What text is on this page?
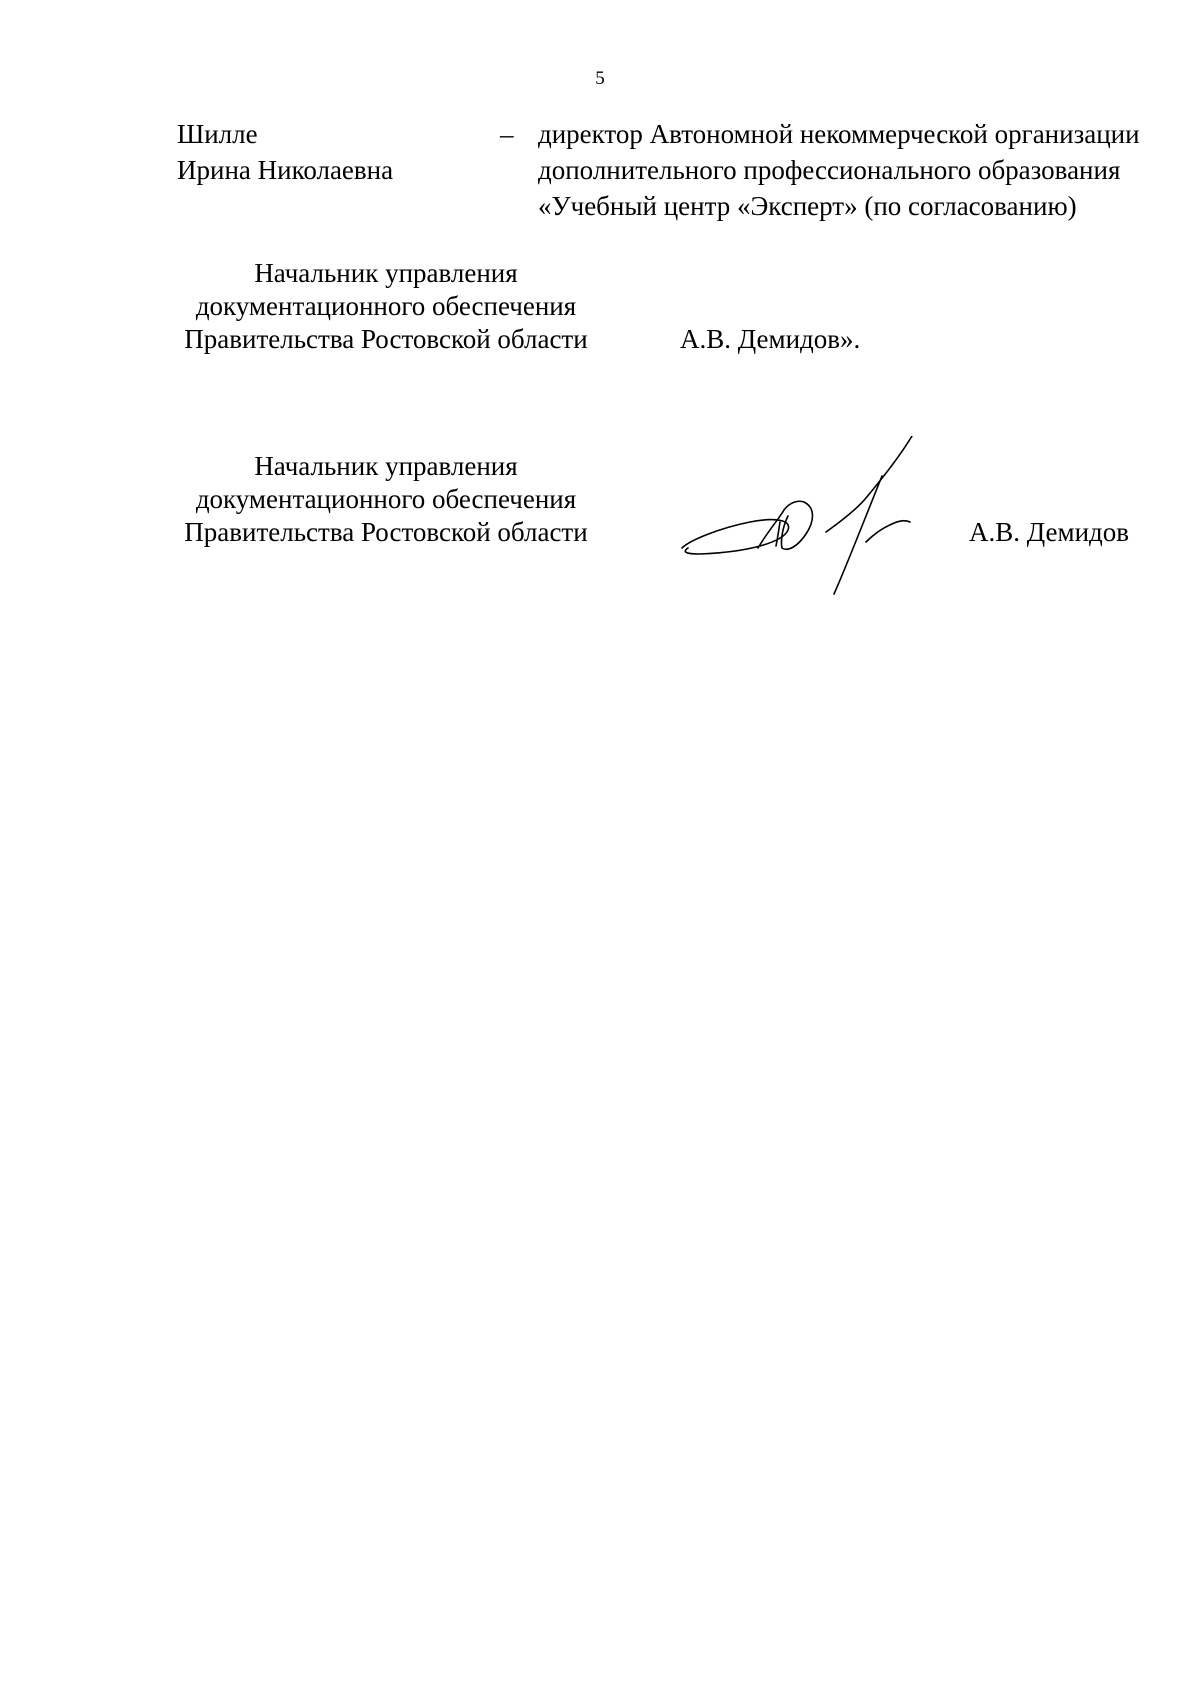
5
Шилле
Ирина Николаевна
– директор Автономной некоммерческой организации
дополнительного профессионального образования
«Учебный центр «Эксперт» (по согласованию)
Начальник управления
документационного обеспечения
Правительства Ростовской области	А.В. Демидов».
Начальник управления
документационного обеспечения
Правительства Ростовской области	А.В. Демидов
